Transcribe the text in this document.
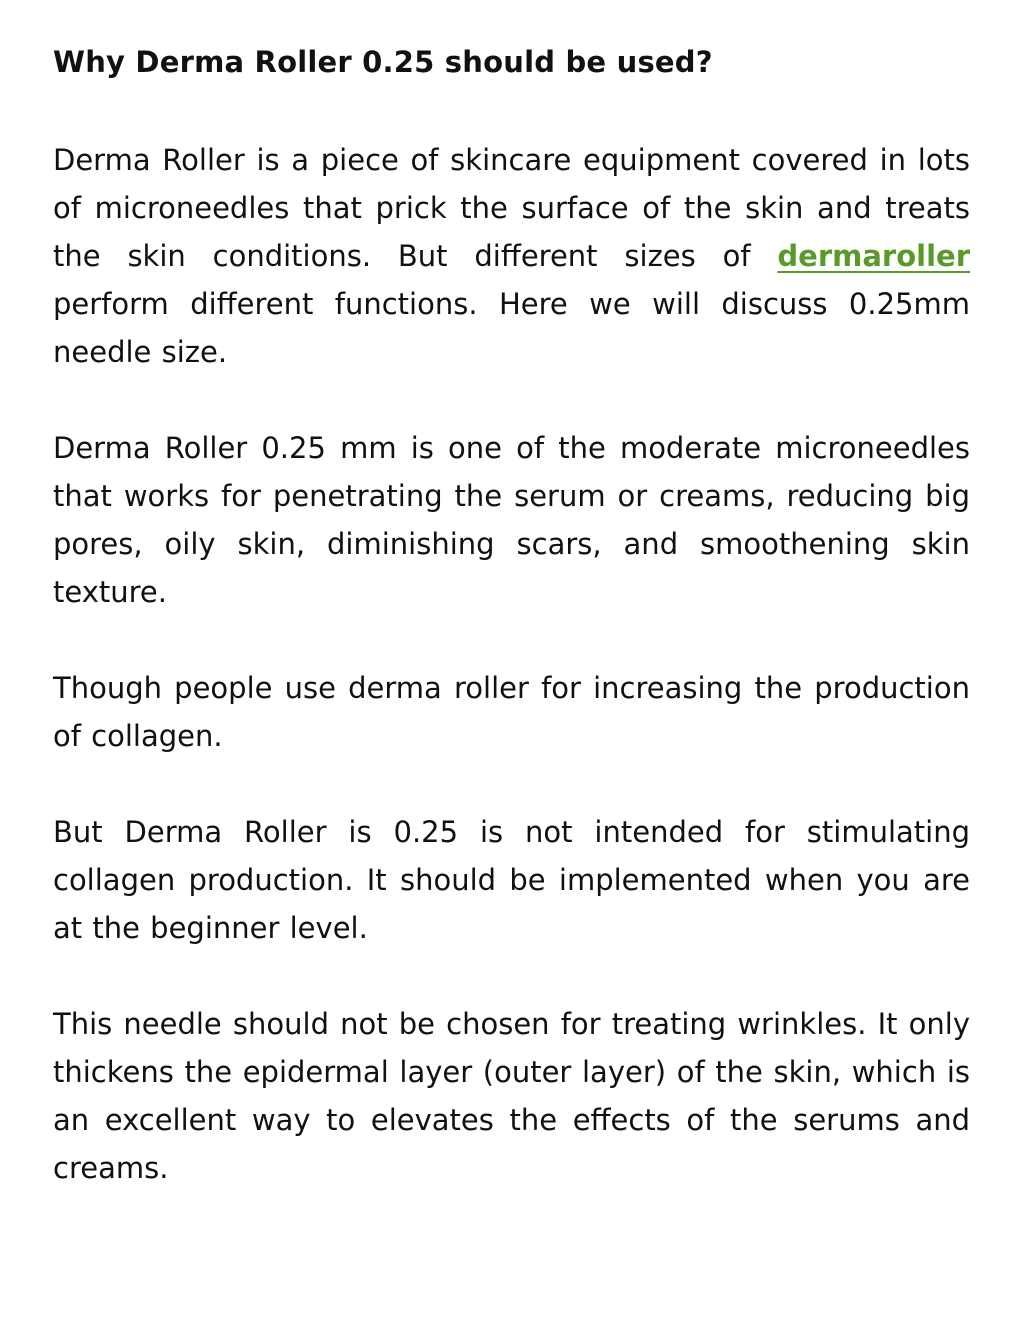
Why Derma Roller 0.25 should be used?

Derma Roller is a piece of skincare equipment covered in lots of microneedles that prick the surface of the skin and treats the skin conditions. But different sizes of dermaroller perform different functions. Here we will discuss 0.25mm needle size.

Derma Roller 0.25 mm is one of the moderate microneedles that works for penetrating the serum or creams, reducing big pores, oily skin, diminishing scars, and smoothening skin texture.

Though people use derma roller for increasing the production of collagen.

But Derma Roller is 0.25 is not intended for stimulating collagen production. It should be implemented when you are at the beginner level.

This needle should not be chosen for treating wrinkles. It only thickens the epidermal layer (outer layer) of the skin, which is an excellent way to elevates the effects of the serums and creams.
